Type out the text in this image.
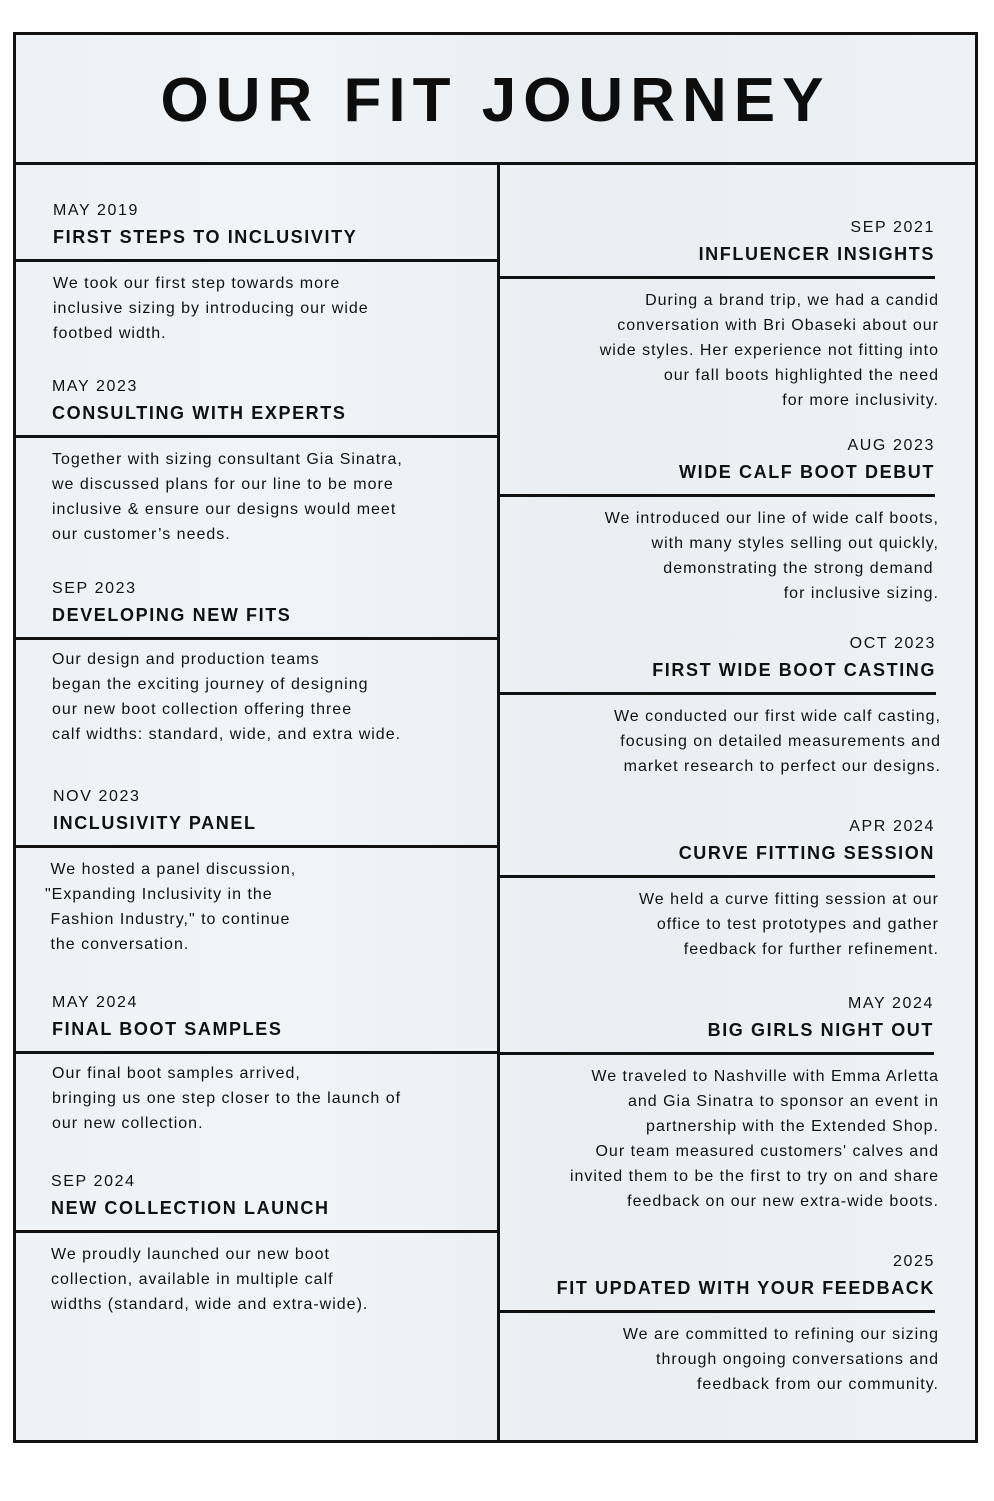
OUR FIT JOURNEY
MAY 2019
FIRST STEPS TO INCLUSIVITY
We took our first step towards more
inclusive sizing by introducing our wide
footbed width.
MAY 2023
CONSULTING WITH EXPERTS
Together with sizing consultant Gia Sinatra,
we discussed plans for our line to be more
inclusive & ensure our designs would meet
our customer’s needs.
SEP 2023
DEVELOPING NEW FITS
Our design and production teams
began the exciting journey of designing
our new boot collection offering three
calf widths: standard, wide, and extra wide.
NOV 2023
INCLUSIVITY PANEL
We hosted a panel discussion,
"Expanding Inclusivity in the
Fashion Industry," to continue
the conversation.
MAY 2024
FINAL BOOT SAMPLES
Our final boot samples arrived,
bringing us one step closer to the launch of
our new collection.
SEP 2024
NEW COLLECTION LAUNCH
We proudly launched our new boot
collection, available in multiple calf
widths (standard, wide and extra-wide).
SEP 2021
INFLUENCER INSIGHTS
During a brand trip, we had a candid
conversation with Bri Obaseki about our
wide styles. Her experience not fitting into
our fall boots highlighted the need
for more inclusivity.
AUG 2023
WIDE CALF BOOT DEBUT
We introduced our line of wide calf boots,
with many styles selling out quickly,
demonstrating the strong demand
for inclusive sizing.
OCT 2023
FIRST WIDE BOOT CASTING
We conducted our first wide calf casting,
focusing on detailed measurements and
market research to perfect our designs.
APR 2024
CURVE FITTING SESSION
We held a curve fitting session at our
office to test prototypes and gather
feedback for further refinement.
MAY 2024
BIG GIRLS NIGHT OUT
We traveled to Nashville with Emma Arletta
and Gia Sinatra to sponsor an event in
partnership with the Extended Shop.
Our team measured customers' calves and
invited them to be the first to try on and share
feedback on our new extra-wide boots.
2025
FIT UPDATED WITH YOUR FEEDBACK
We are committed to refining our sizing
through ongoing conversations and
feedback from our community.
